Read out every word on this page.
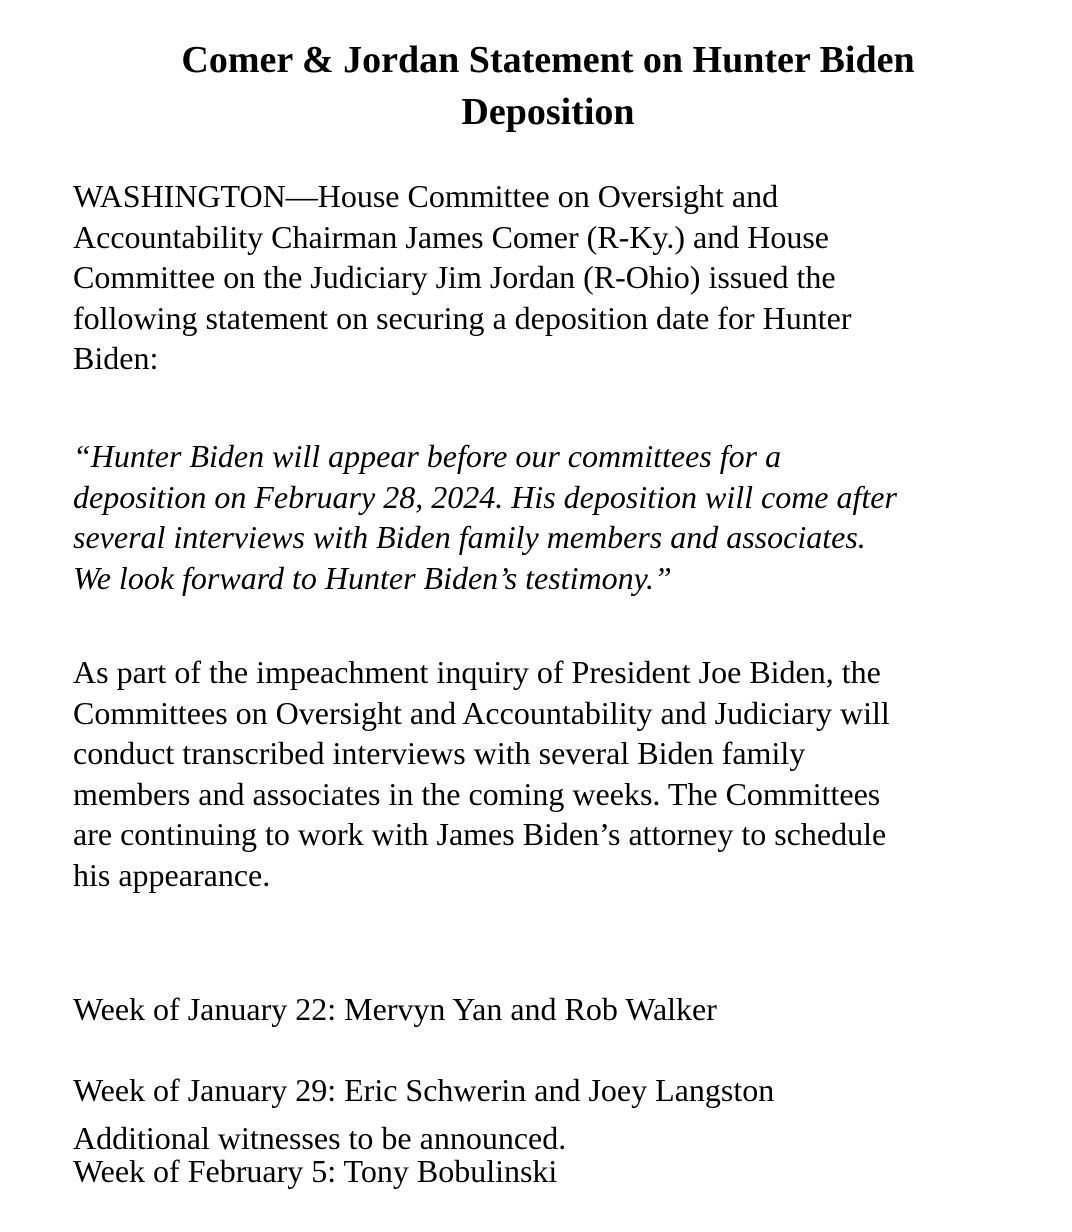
Comer & Jordan Statement on Hunter Biden
Deposition

WASHINGTON—House Committee on Oversight and
Accountability Chairman James Comer (R-Ky.) and House
Committee on the Judiciary Jim Jordan (R-Ohio) issued the
following statement on securing a deposition date for Hunter
Biden:

“Hunter Biden will appear before our committees for a
deposition on February 28, 2024. His deposition will come after
several interviews with Biden family members and associates.
We look forward to Hunter Biden’s testimony.”

As part of the impeachment inquiry of President Joe Biden, the
Committees on Oversight and Accountability and Judiciary will
conduct transcribed interviews with several Biden family
members and associates in the coming weeks. The Committees
are continuing to work with James Biden’s attorney to schedule
his appearance.

Week of January 22: Mervyn Yan and Rob Walker

Week of January 29: Eric Schwerin and Joey Langston

Week of February 5: Tony Bobulinski

Additional witnesses to be announced.
